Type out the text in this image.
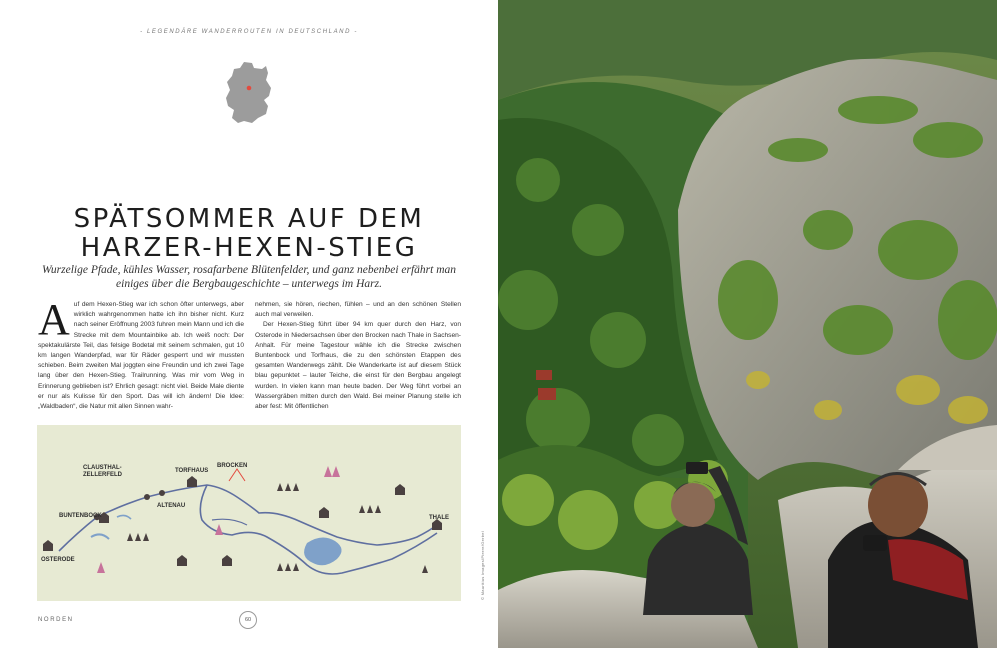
- LEGENDÄRE WANDERROUTEN IN DEUTSCHLAND -
SPÄTSOMMER AUF DEM
HARZER-HEXEN-STIEG

Wurzelige Pfade, kühles Wasser, rosafarbene Blütenfelder, und ganz nebenbei erfährt man einiges über die Bergbaugeschichte – unterwegs im Harz.

Auf dem Hexen-Stieg war ich schon öfter unterwegs, aber wirklich wahrgenommen hatte ich ihn bisher nicht. Kurz nach seiner Eröffnung 2003 fuhren mein Mann und ich die Strecke mit dem Mountainbike ab. Ich weiß noch: Der spektakulärste Teil, das felsige Bodetal mit seinem schmalen, gut 10 km langen Wanderpfad, war für Räder gesperrt und wir mussten schieben. Beim zweiten Mal joggten eine Freundin und ich zwei Tage lang über den Hexen-Stieg. Trailrunning. Was mir vom Weg in Erinnerung geblieben ist? Ehrlich gesagt: nicht viel. Beide Male diente er nur als Kulisse für den Sport. Das will ich ändern! Die Idee: „Waldbaden“, die Natur mit allen Sinnen wahr-

nehmen, sie hören, riechen, fühlen – und an den schönen Stellen auch mal verweilen.
Der Hexen-Stieg führt über 94 km quer durch den Harz, von Osterode in Niedersachsen über den Brocken nach Thale in Sachsen-Anhalt. Für meine Tagestour wähle ich die Strecke zwischen Buntenbock und Torfhaus, die zu den schönsten Etappen des gesamten Wanderwegs zählt. Die Wanderkarte ist auf diesem Stück blau gepunktet – lauter Teiche, die einst für den Bergbau angelegt wurden. In vielen kann man heute baden. Der Weg führt vorbei an Wassergräben mitten durch den Wald. Bei meiner Planung stelle ich aber fest: Mit öffentlichen
CLAUSTHAL-
ZELLERFELD
TORFHAUS
BROCKEN
ALTENAU
BUNTENBOCK	THALE
OSTERODE
NORDEN	60
© Mauritius Images/Pierre/Gerbel
